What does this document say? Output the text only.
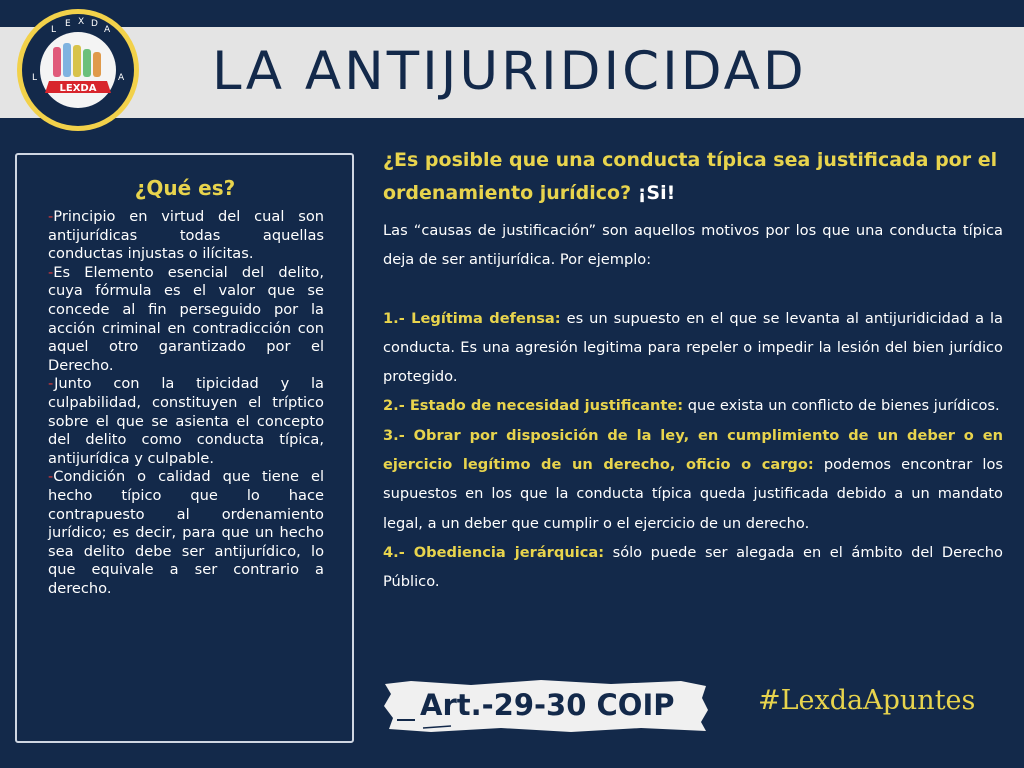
LA ANTIJURIDICIDAD
L
E X D
A
L	A
LEXDA
¿Qué es?

-Principio en virtud del cual son antijurídicas todas aquellas conductas injustas o ilícitas.

-Es Elemento esencial del delito, cuya fórmula es el valor que se concede al fin perseguido por la acción criminal en contradicción con aquel otro garantizado por el Derecho.

-Junto con la tipicidad y la culpabilidad, constituyen el tríptico sobre el que se asienta el concepto del delito como conducta típica, antijurídica y culpable.

-Condición o calidad que tiene el hecho típico que lo hace contrapuesto al ordenamiento jurídico; es decir, para que un hecho sea delito debe ser antijurídico, lo que equivale a ser contrario a derecho.

¿Es posible que una conducta típica sea justificada por el ordenamiento jurídico? ¡Si!

Las “causas de justificación” son aquellos motivos por los que una conducta típica deja de ser antijurídica. Por ejemplo:

1.- Legítima defensa: es un supuesto en el que se levanta al antijuridicidad a la conducta. Es una agresión legitima para repeler o impedir la lesión del bien jurídico protegido.

2.- Estado de necesidad justificante: que exista un conflicto de bienes jurídicos.

3.- Obrar por disposición de la ley, en cumplimiento de un deber o en ejercicio legítimo de un derecho, oficio o cargo: podemos encontrar los supuestos en los que la conducta típica queda justificada debido a un mandato legal, a un deber que cumplir o el ejercicio de un derecho.

4.- Obediencia jerárquica: sólo puede ser alegada en el ámbito del Derecho Público.

Art.-29-30 COIP	#LexdaApuntes
